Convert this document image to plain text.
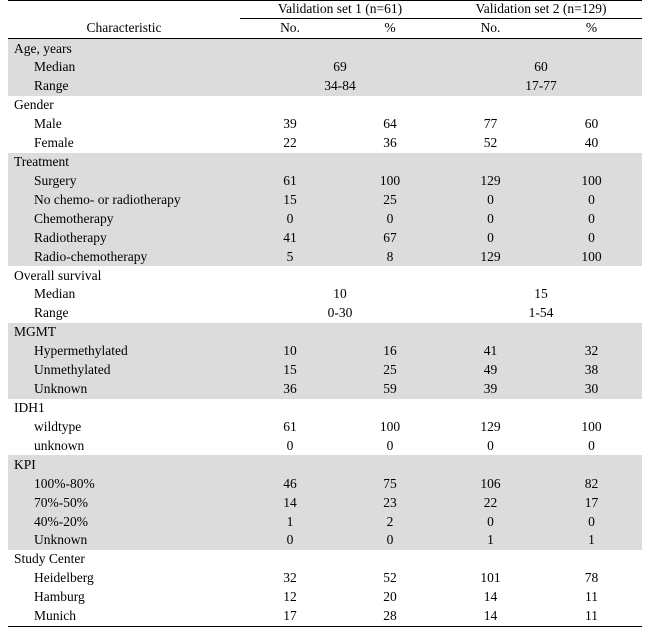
	Validation set 1 (n=61)		Validation set 2 (n=129)	
Characteristic	No.	%	No.	%
Age, years				
Median	69		60	
Range	34-84		17-77	
Gender				
Male	39	64	77	60
Female	22	36	52	40
Treatment				
Surgery	61	100	129	100
No chemo- or radiotherapy	15	25	0	0
Chemotherapy	0	0	0	0
Radiotherapy	41	67	0	0
Radio-chemotherapy	5	8	129	100
Overall survival				
Median	10		15	
Range	0-30		1-54	
MGMT				
Hypermethylated	10	16	41	32
Unmethylated	15	25	49	38
Unknown	36	59	39	30
IDH1				
wildtype	61	100	129	100
unknown	0	0	0	0
KPI				
100%-80%	46	75	106	82
70%-50%	14	23	22	17
40%-20%	1	2	0	0
Unknown	0	0	1	1
Study Center				
Heidelberg	32	52	101	78
Hamburg	12	20	14	11
Munich	17	28	14	11
